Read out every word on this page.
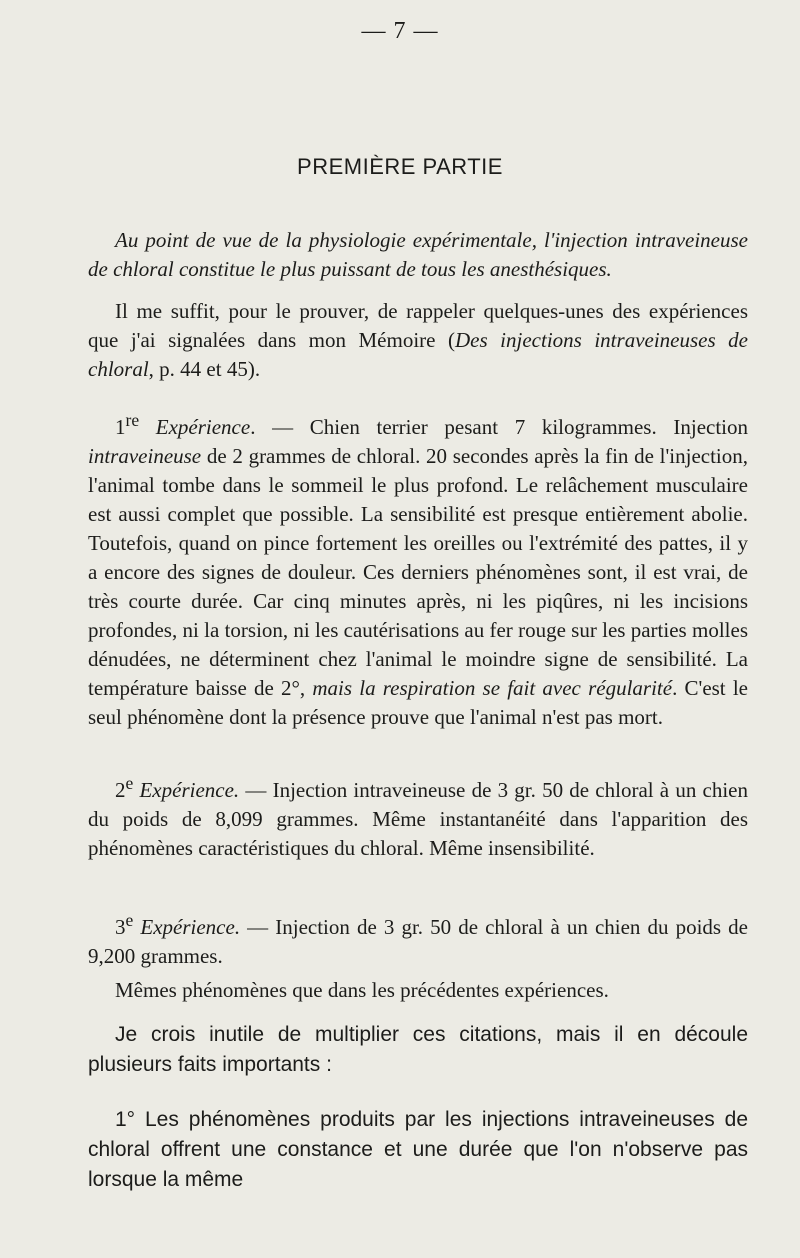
— 7 —
PREMIÈRE PARTIE

Au point de vue de la physiologie expérimentale, l'injection intraveineuse de chloral constitue le plus puissant de tous les anesthésiques.

Il me suffit, pour le prouver, de rappeler quelques-unes des expériences que j'ai signalées dans mon Mémoire (Des injections intraveineuses de chloral, p. 44 et 45).

1re Expérience. — Chien terrier pesant 7 kilogrammes. Injection intraveineuse de 2 grammes de chloral. 20 secondes après la fin de l'injection, l'animal tombe dans le sommeil le plus profond. Le relâchement musculaire est aussi complet que possible. La sensibilité est presque entièrement abolie. Toutefois, quand on pince fortement les oreilles ou l'extrémité des pattes, il y a encore des signes de douleur. Ces derniers phénomènes sont, il est vrai, de très courte durée. Car cinq minutes après, ni les piqûres, ni les incisions profondes, ni la torsion, ni les cautérisations au fer rouge sur les parties molles dénudées, ne déterminent chez l'animal le moindre signe de sensibilité. La température baisse de 2°, mais la respiration se fait avec régularité. C'est le seul phénomène dont la présence prouve que l'animal n'est pas mort.

2e Expérience. — Injection intraveineuse de 3 gr. 50 de chloral à un chien du poids de 8,099 grammes. Même instantanéité dans l'apparition des phénomènes caractéristiques du chloral. Même insensibilité.

3e Expérience. — Injection de 3 gr. 50 de chloral à un chien du poids de 9,200 grammes.

Mêmes phénomènes que dans les précédentes expériences.

Je crois inutile de multiplier ces citations, mais il en découle plusieurs faits importants :

1° Les phénomènes produits par les injections intraveineuses de chloral offrent une constance et une durée que l'on n'observe pas lorsque la même
